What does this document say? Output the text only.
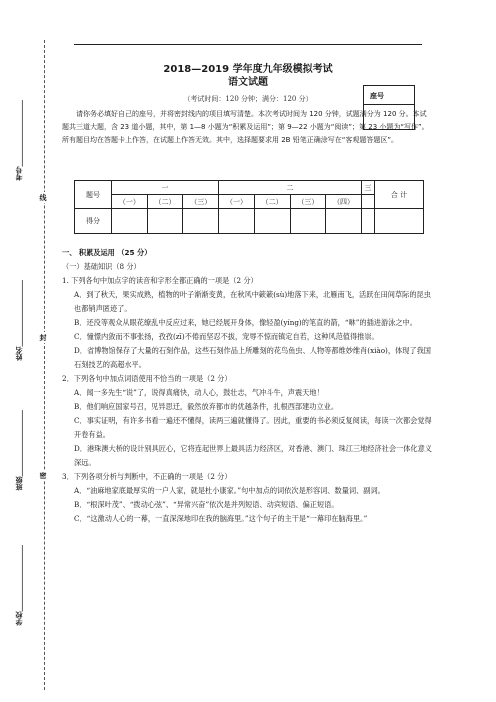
考号___________________
姓名___________________
班级___________________
学校___________________
线
封
密
2018—2019 学年度九年级模拟考试
语文试题
（考试时间：120 分钟；满分：120 分）	座号

请你务必填好自己的座号，并将密封线内的项目填写清楚。本次考试时间为 120 分钟，试题满分为 120 分。本试题共三道大题，含 23 道小题，其中，第 1—8 小题为“积累及运用”；第 9—22 小题为“阅读”；第 23 小题为“写作”。所有题目均在答题卡上作答，在试题上作答无效。其中，选择题要求用 2B 铅笔正确涂写在“客观题答题区”。

题号	一			二				三	合 计
	（一）	（二）	（三）	（一）	（二）	（三）	（四）		
得分									

一、 积累及运用 （25 分）

（一）基础知识（8 分）

1. 下列各句中加点字的读音和字形全都正确的一项是（2 分）

A．到了秋天，果实成熟，植物的叶子渐渐变黄，在秋风中簌簌(sù)地落下来，北雁南飞，活跃在田间草际的昆虫也都销声匿迹了。

B．还没等观众从眼花缭乱中反应过来，她已经展开身体，像轻盈(yíng)的笔直的箭，“咻”的插进游泳之中。

C．憧憬内敛而不事张扬，孜孜(zī)不倦而坚忍不拔，宠辱不惊而镇定自若，这种风范值得推崇。

D．省博物馆保存了大量的石刻作品，这些石刻作品上所雕刻的花鸟鱼虫、人物等都维妙维肖(xiào)，体现了我国石刻技艺的高超水平。

2．下列各句中加点词语使用不恰当的一项是（2 分）

A．闻一多先生“说”了，说得真痛快，动人心，鼓壮志，气冲斗牛，声震天地！

B．他们响应国家号召，见异思迁，毅然放弃都市的优越条件，扎根西部建功立业。

C．事实证明，有许多书看一遍还不懂得，读两三遍就懂得了。因此，重要的书必须反复阅读，每读一次都会觉得开卷有益。

D．港珠澳大桥的设计别具匠心，它将连起世界上最具活力经济区，对香港、澳门、珠江三地经济社会一体化意义深远。

3．下列各项分析与判断中，不正确的一项是（2 分）

A．“油麻地家底最厚实的一户人家，就是杜小康家。”句中加点的词依次是形容词、数量词、副词。

B．“根深叶茂”、“拨动心弦”、“异常兴奋”依次是并列短语、动宾短语、偏正短语。

C．“这激动人心的一幕，一直深深地印在我的脑海里。”这个句子的主干是“一幕印在脑海里。”
